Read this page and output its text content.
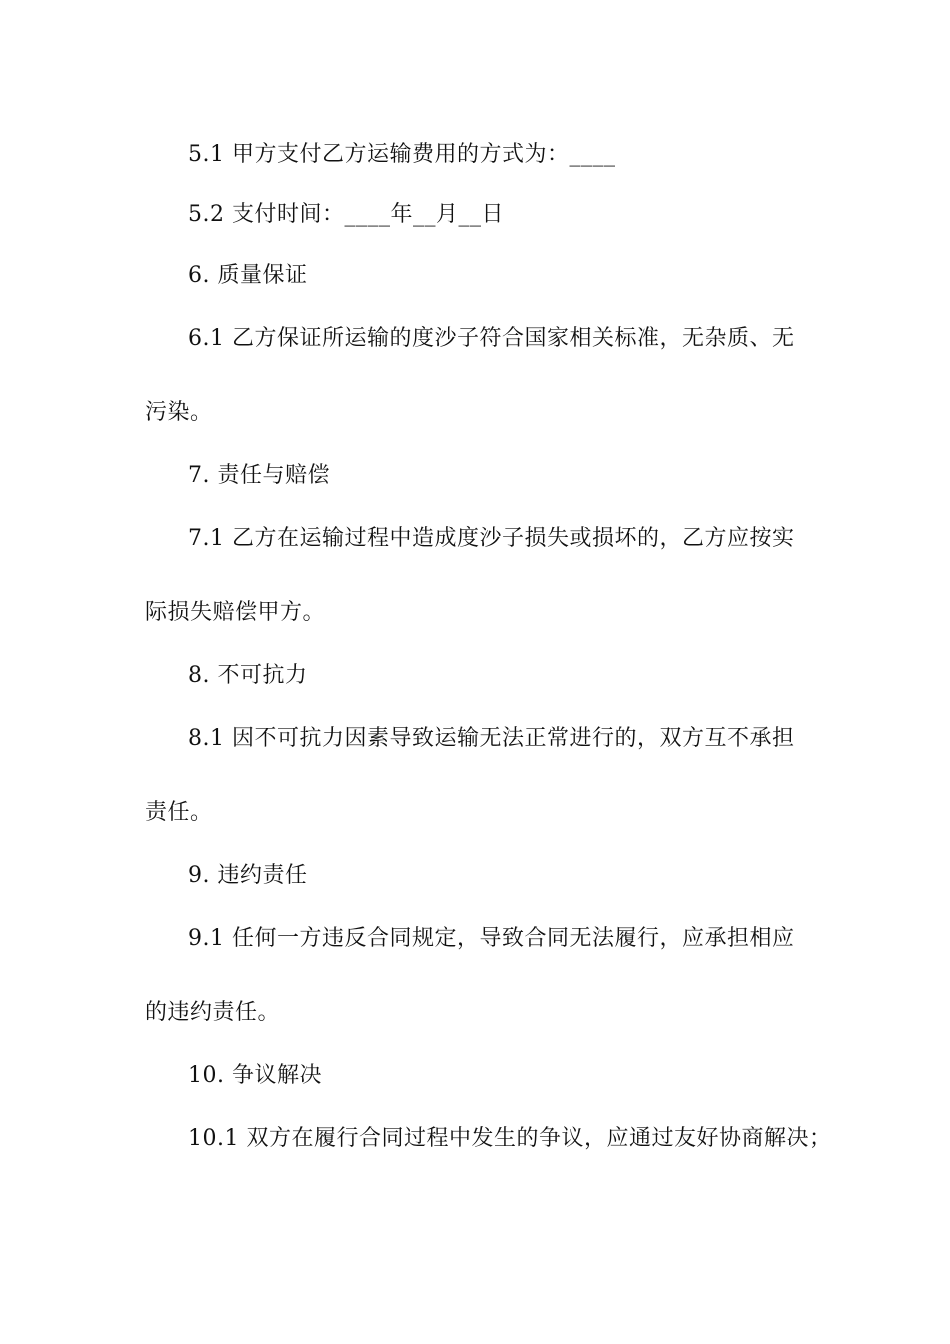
5.1 甲方支付乙方运输费用的方式为：____
5.2 支付时间：____年__月__日
6. 质量保证
6.1 乙方保证所运输的度沙子符合国家相关标准，无杂质、无
污染。
7. 责任与赔偿
7.1 乙方在运输过程中造成度沙子损失或损坏的，乙方应按实
际损失赔偿甲方。
8. 不可抗力
8.1 因不可抗力因素导致运输无法正常进行的，双方互不承担
责任。
9. 违约责任
9.1 任何一方违反合同规定，导致合同无法履行，应承担相应
的违约责任。
10. 争议解决
10.1 双方在履行合同过程中发生的争议，应通过友好协商解决；
